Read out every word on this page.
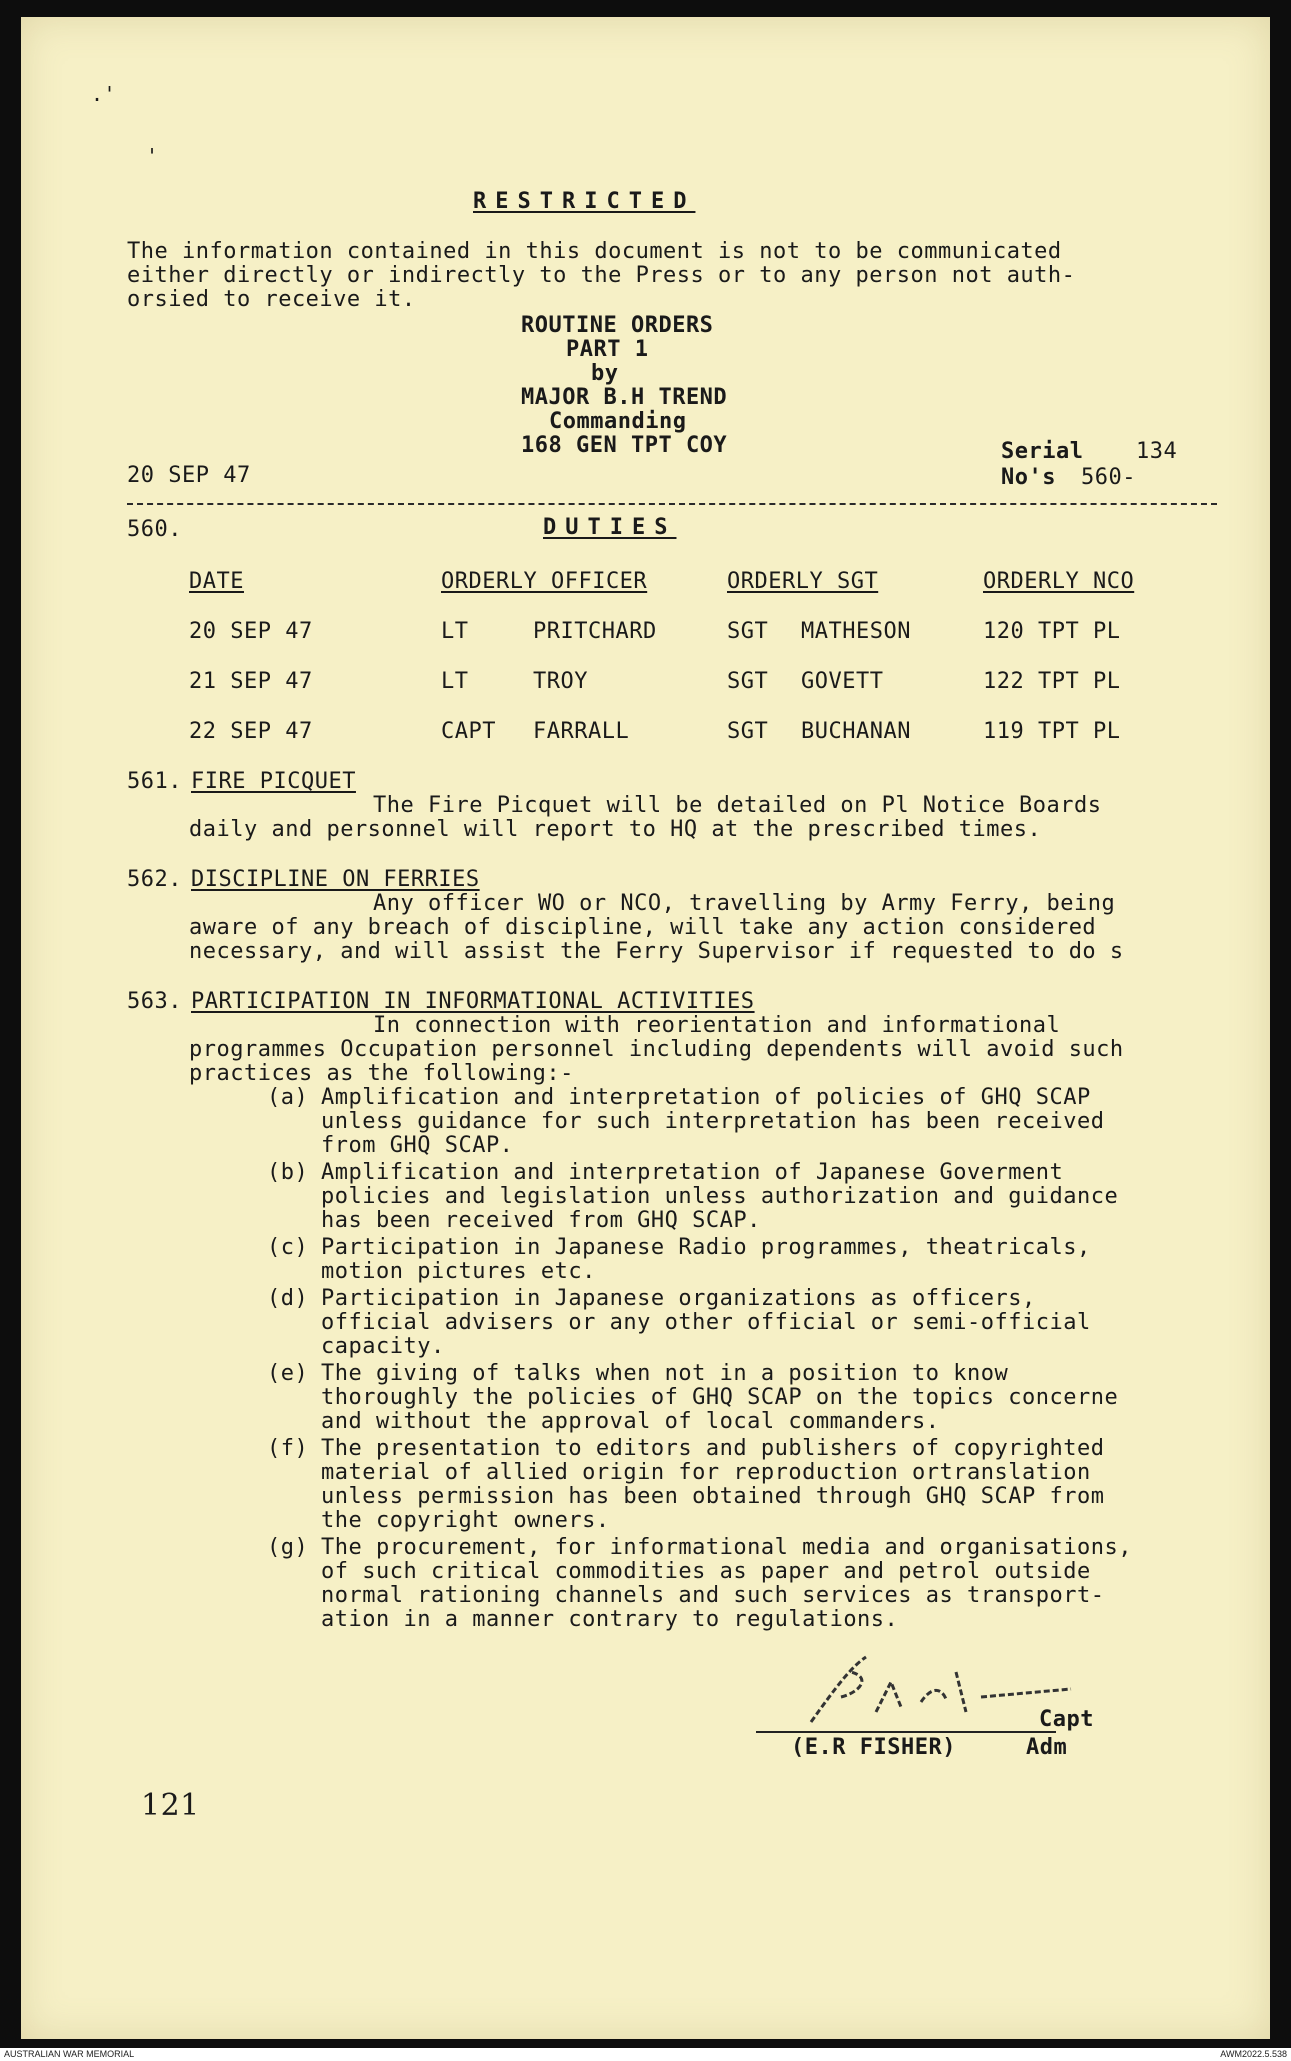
.'
'
RESTRICTED
The information contained in this document is not to be communicated
either directly or indirectly to the Press or to any person not auth-
orsied to receive it.
ROUTINE ORDERS
PART 1
by
MAJOR B.H TREND
Commanding
168 GEN TPT COY
20 SEP 47
Serial 134
No's 560-
560.	DUTIES
DATE	ORDERLY OFFICER	ORDERLY SGT	ORDERLY NCO
20 SEP 47	LT	PRITCHARD	SGT MATHESON	120 TPT PL
21 SEP 47	LT	TROY	SGT GOVETT	122 TPT PL
22 SEP 47	CAPT FARRALL	SGT BUCHANAN	119 TPT PL
561. FIRE PICQUET
The Fire Picquet will be detailed on Pl Notice Boards
daily and personnel will report to HQ at the prescribed times.
562. DISCIPLINE ON FERRIES
Any officer WO or NCO, travelling by Army Ferry, being
aware of any breach of discipline, will take any action considered
necessary, and will assist the Ferry Supervisor if requested to do s
563. PARTICIPATION IN INFORMATIONAL ACTIVITIES
In connection with reorientation and informational
programmes Occupation personnel including dependents will avoid such
practices as the following:-
Capt
(E.R FISHER)	Adm
121
(a) Amplification and interpretation of policies of GHQ SCAP
unless guidance for such interpretation has been received
from GHQ SCAP.
(b) Amplification and interpretation of Japanese Goverment
policies and legislation unless authorization and guidance
has been received from GHQ SCAP.
(c) Participation in Japanese Radio programmes, theatricals,
motion pictures etc.
(d) Participation in Japanese organizations as officers,
official advisers or any other official or semi-official
capacity.
(e) The giving of talks when not in a position to know
thoroughly the policies of GHQ SCAP on the topics concerne
and without the approval of local commanders.
(f) The presentation to editors and publishers of copyrighted
material of allied origin for reproduction ortranslation
unless permission has been obtained through GHQ SCAP from
the copyright owners.
(g) The procurement, for informational media and organisations,
of such critical commodities as paper and petrol outside
normal rationing channels and such services as transport-
ation in a manner contrary to regulations.
AUSTRALIAN WAR MEMORIAL	AWM2022.5.538
